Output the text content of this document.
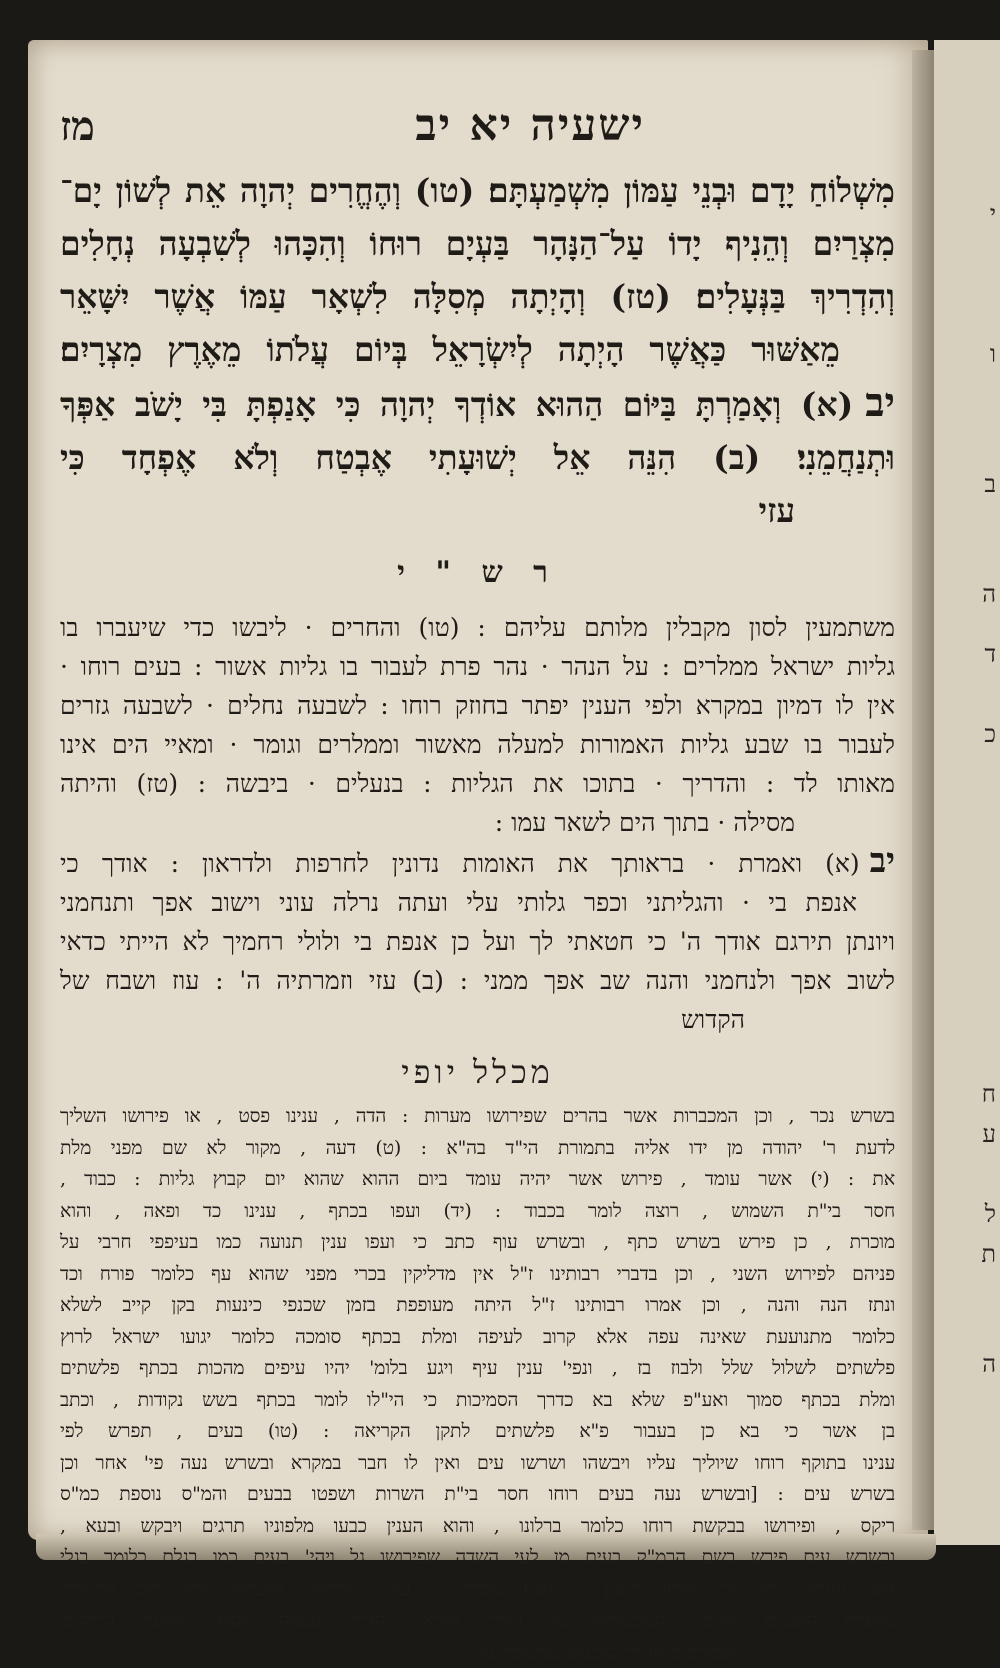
י
ו
ב
ה
ד
כ
ח
ע
ל
ת
ה
ישעיה יא יב
מז
מִשְׁלוֹחַ יָדָם וּבְנֵי עַמּוֹן מִשְׁמַעְתָּם׃ (טו) וְהֶחֱרִים יְהוָה אֵת לְשׁוֹן יָם־
מִצְרַיִם וְהֵנִיף יָדוֹ עַל־הַנָּהָר בַּעְיָם רוּחוֹ וְהִכָּהוּ לְשִׁבְעָה נְחָלִים
וְהִדְרִיךְ בַּנְּעָלִים׃ (טז) וְהָיְתָה מְסִלָּה לִשְׁאָר עַמּוֹ אֲשֶׁר יִשָּׁאֵר
מֵאַשּׁוּר כַּאֲשֶׁר הָיְתָה לְיִשְׂרָאֵל בְּיוֹם עֲלֹתוֹ מֵאֶרֶץ מִצְרָיִם׃
יב(א) וְאָמַרְתָּ בַּיּוֹם הַהוּא אוֹדְךָ יְהוָה כִּי אָנַפְתָּ בִּי יָשֹׁב אַפְּךָ
וּתְנַחֲמֵנִי׃ (ב) הִנֵּה אֵל יְשׁוּעָתִי אֶבְטַח וְלֹא אֶפְחָד כִּי
עזי
ר ש " י
משתמעין לסון מקבלין מלותם עליהם : (טו) והחרים · ליבשו כדי שיעברו בו
גליות ישראל ממלרים : על הנהר · נהר פרת לעבור בו גליות אשור : בעים רוחו ·
אין לו דמיון במקרא ולפי הענין יפתר בחוזק רוחו : לשבעה נחלים · לשבעה גזרים
לעבור בו שבע גליות האמורות למעלה מאשור וממלרים וגומר · ומאיי הים אינו
מאותו לד : והדריך · בתוכו את הגליות : בנעלים · ביבשה : (טז) והיתה
מסילה · בתוך הים לשאר עמו :
יב(א) ואמרת · בראותך את האומות נדונין לחרפות ולדראון : אודך כי
אנפת בי · והגליתני וכפר גלותי עלי ועתה נרלה עוני וישוב אפך ותנחמני
ויונתן תירגם אודך ה' כי חטאתי לך ועל כן אנפת בי ולולי רחמיך לא הייתי כדאי
לשוב אפך ולנחמני והנה שב אפך ממני : (ב) עזי וזמרתיה ה' : עוז ושבח של
הקדוש
מכלל יופי
בשרש נכר , וכן המכברות אשר בהרים שפירושו מערות : הדה , ענינו פסט , או פירושו השליך
לדעת ר' יהודה מן ידו אליה בתמורת הי"ד בה"א : (ט) דעה , מקור לא שם מפני מלת
את : (י) אשר עומד , פירוש אשר יהיה עומד ביום ההוא שהוא יום קבוץ גליות : כבוד ,
חסר בי"ת השמוש , רוצה לומר בכבוד : (יד) ועפו בכתף , ענינו כד ופאה , והוא
מוכרת , כן פירש בשרש כתף , ובשרש עוף כתב כי ועפו ענין תנועה כמו בעיפפי חרבי על
פניהם לפירוש השני , וכן בדברי רבותינו ז"ל אין מדליקין בכרי מפני שהוא עף כלומר פורח וכד
ונתז הנה והנה , וכן אמרו רבותינו ז"ל היתה מעופפת בזמן שכנפי כינעות בקן קייב לשלא
כלומר מתנועעת שאינה עפה אלא קרוב לעיפה ומלת בכתף סומכה כלומר יגועו ישראל לרוץ
פלשתים לשלול שלל ולבוז בז , ונפי' ענין עיף ויגע בלומ' יהיו עיפים מהכות בכתף פלשתים
ומלת בכתף סמוך ואע"פ שלא בא כדרך הסמיכות כי הי"לו לומר בכתף בשש נקודות , וכתב
בן אשר כי בא כן בעבור פ"א פלשתים לתקן הקריאה : (טו) בעים , תפרש לפי
ענינו בתוקף רוחו שיוליך עליו ויבשהו ושרשו עים ואין לו חבר במקרא ובשרש נעה פי' אחר וכן
בשרש עים : [ובשרש נעה בעים רוחו חסר בי"ת השרות ושפטו בבעים והמ"ס נוספת כמ"ס
ריקס , ופירושו בבקשת רוחו כלומר ברלונו , והוא הענין כבעו מלפוניו תרגים ויבקש ובעא ,
ובשרש עים פירש בשם הרמ"ק בעים מן לעי השדה שפירושו גל ויהי' בעים כמו בגלם כלומר בגלי
הים והנהר יניף ידו ורוחו ל"ם] : (טז) מסלה , ענינו ההרסה והגבהה ולפי רוב הרגילות
בהסרת האבנים והרמת המכשולות מן הדרך נקראת הדרך עצמה מסלה ולדעת הריק"ם
שמרימים הדרך באבנים שמשימין בה :
